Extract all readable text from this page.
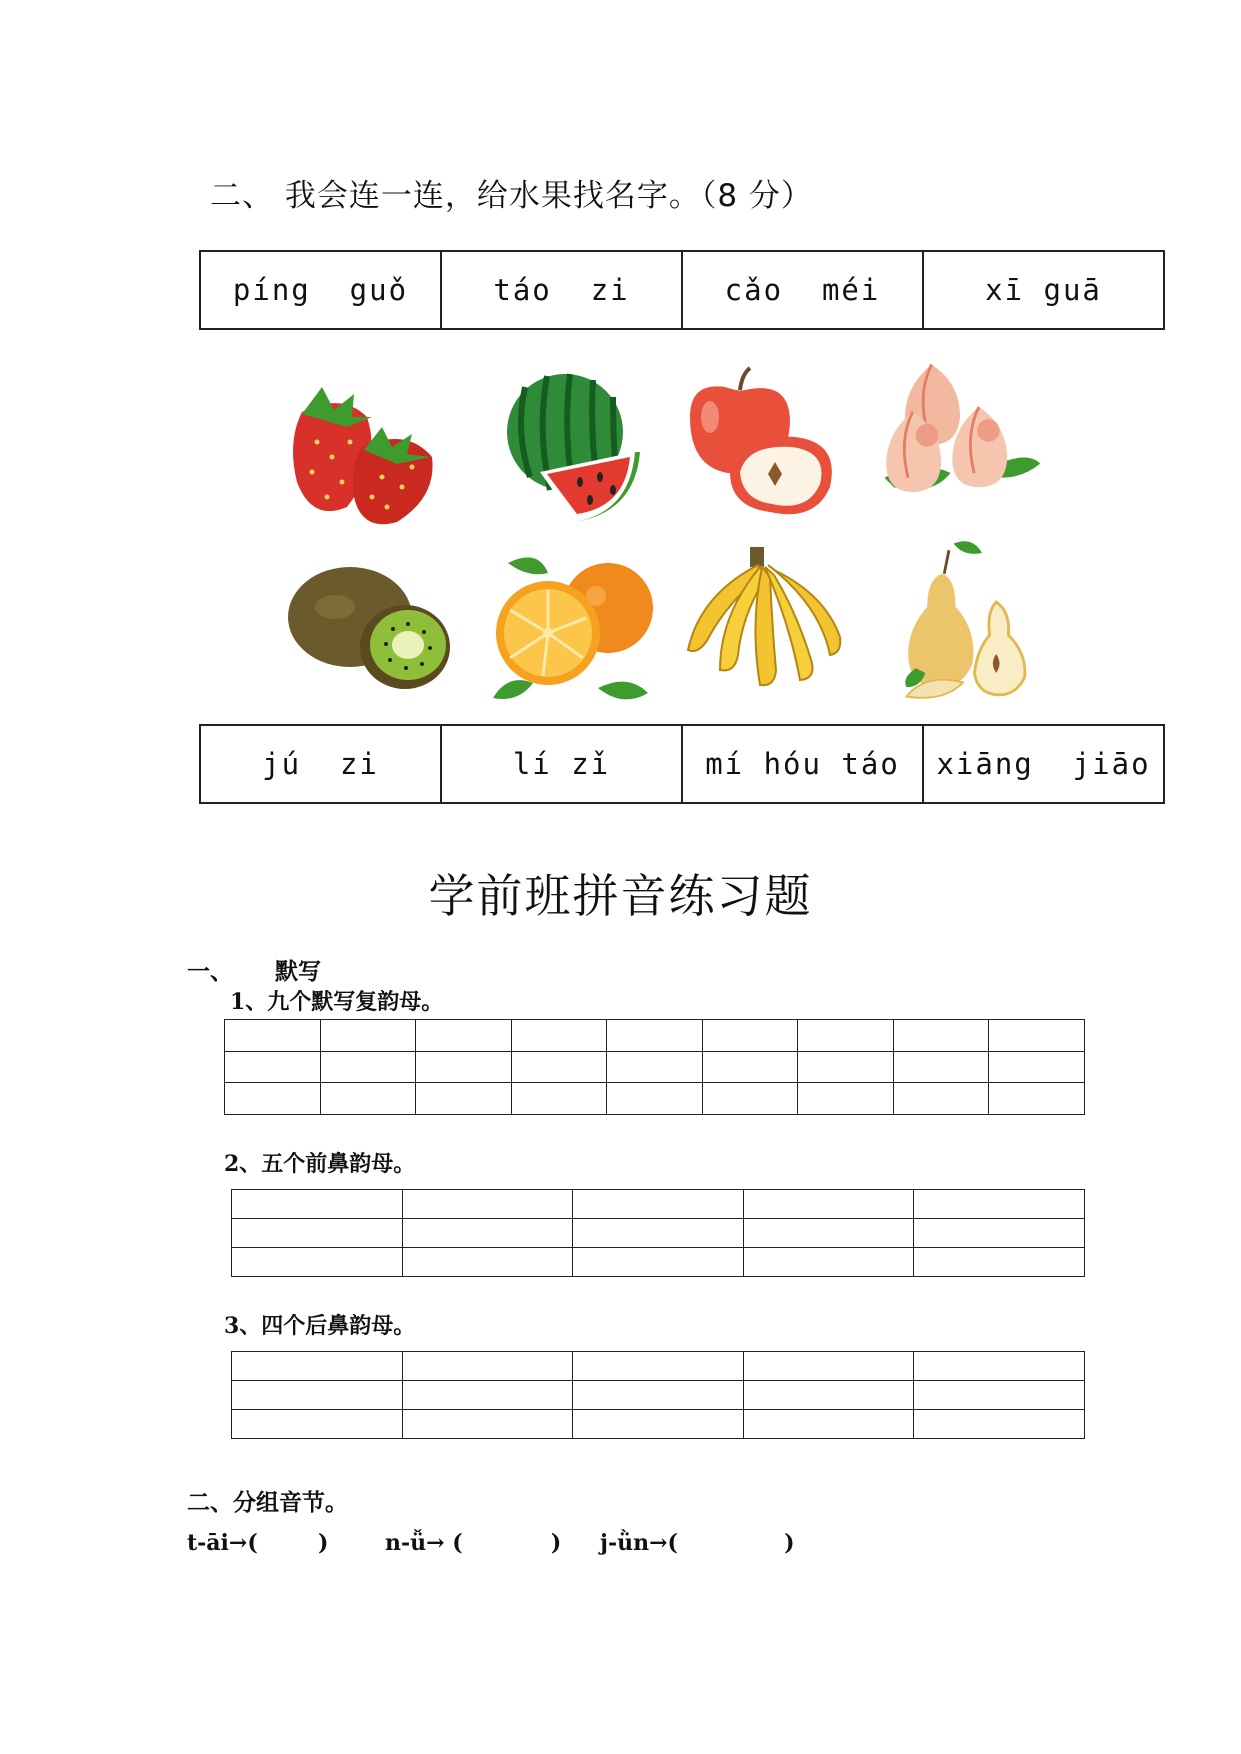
二、 我会连一连，给水果找名字。（8 分）
píng  guǒ	táo  zi	cǎo  méi	xī guā
jú  zi	lí zǐ	mí hóu táo	xiāng  jiāo
学前班拼音练习题
一、 默写
1、九个默写复韵母。

2、五个前鼻韵母。

3、四个后鼻韵母。

二、分组音节。
t-āi→(	)	n-ǚ→ (	) j-ǜn→(	)
